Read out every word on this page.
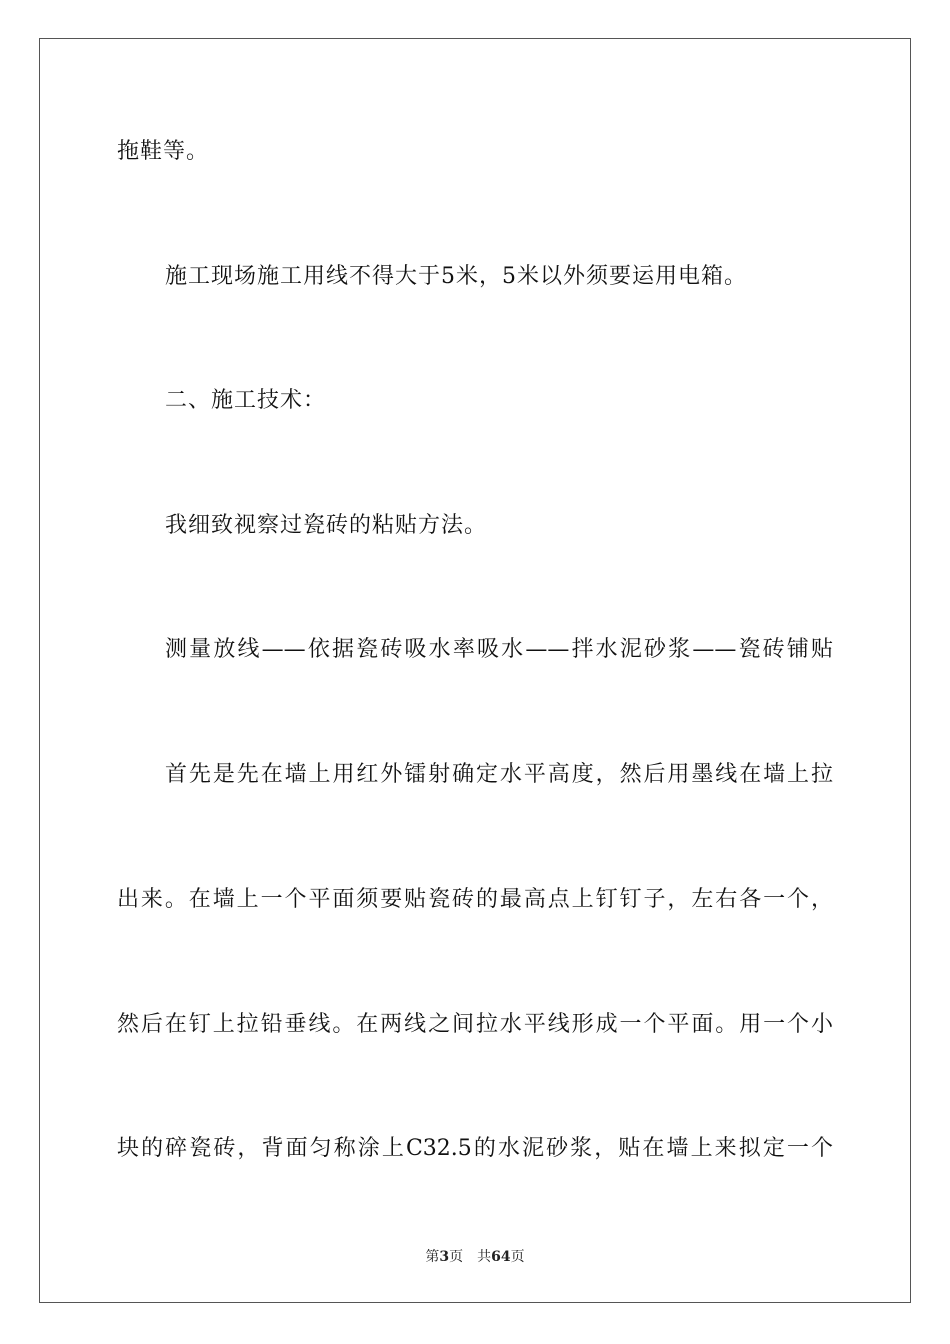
拖鞋等。
施工现场施工用线不得大于5米，5米以外须要运用电箱。
二、施工技术：
我细致视察过瓷砖的粘贴方法。
测量放线——依据瓷砖吸水率吸水——拌水泥砂浆——瓷砖铺贴
首先是先在墙上用红外镭射确定水平高度，然后用墨线在墙上拉
出来。在墙上一个平面须要贴瓷砖的最高点上钉钉子，左右各一个，
然后在钉上拉铅垂线。在两线之间拉水平线形成一个平面。用一个小
块的碎瓷砖，背面匀称涂上C32.5的水泥砂浆，贴在墙上来拟定一个
第3页 共64页
